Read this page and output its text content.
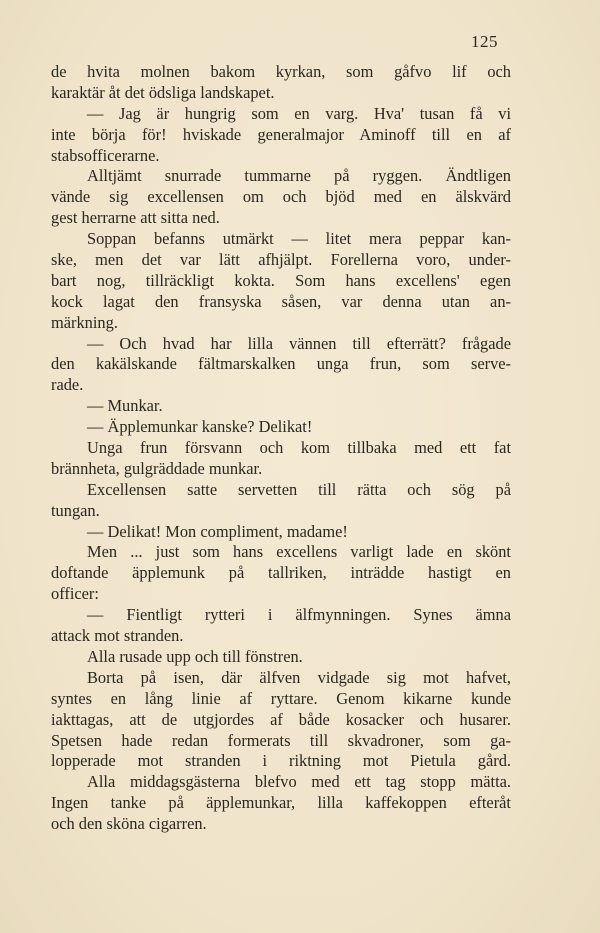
125
de hvita molnen bakom kyrkan, som gåfvo lif och
karaktär åt det ödsliga landskapet.
— Jag är hungrig som en varg. Hva' tusan få vi
inte börja för! hviskade generalmajor Aminoff till en af
stabsofficerarne.
Alltjämt snurrade tummarne på ryggen. Ändtligen
vände sig excellensen om och bjöd med en älskvärd
gest herrarne att sitta ned.
Soppan befanns utmärkt — litet mera peppar kan-
ske, men det var lätt afhjälpt. Forellerna voro, under-
bart nog, tillräckligt kokta. Som hans excellens' egen
kock lagat den fransyska såsen, var denna utan an-
märkning.
— Och hvad har lilla vännen till efterrätt? frågade
den kakälskande fältmarskalken unga frun, som serve-
rade.
— Munkar.
— Äpplemunkar kanske? Delikat!
Unga frun försvann och kom tillbaka med ett fat
brännheta, gulgräddade munkar.
Excellensen satte servetten till rätta och sög på
tungan.
— Delikat! Mon compliment, madame!
Men ... just som hans excellens varligt lade en skönt
doftande äpplemunk på tallriken, inträdde hastigt en
officer:
— Fientligt rytteri i älfmynningen. Synes ämna
attack mot stranden.
Alla rusade upp och till fönstren.
Borta på isen, där älfven vidgade sig mot hafvet,
syntes en lång linie af ryttare. Genom kikarne kunde
iakttagas, att de utgjordes af både kosacker och husarer.
Spetsen hade redan formerats till skvadroner, som ga-
lopperade mot stranden i riktning mot Pietula gård.
Alla middagsgästerna blefvo med ett tag stopp mätta.
Ingen tanke på äpplemunkar, lilla kaffekoppen efteråt
och den sköna cigarren.
